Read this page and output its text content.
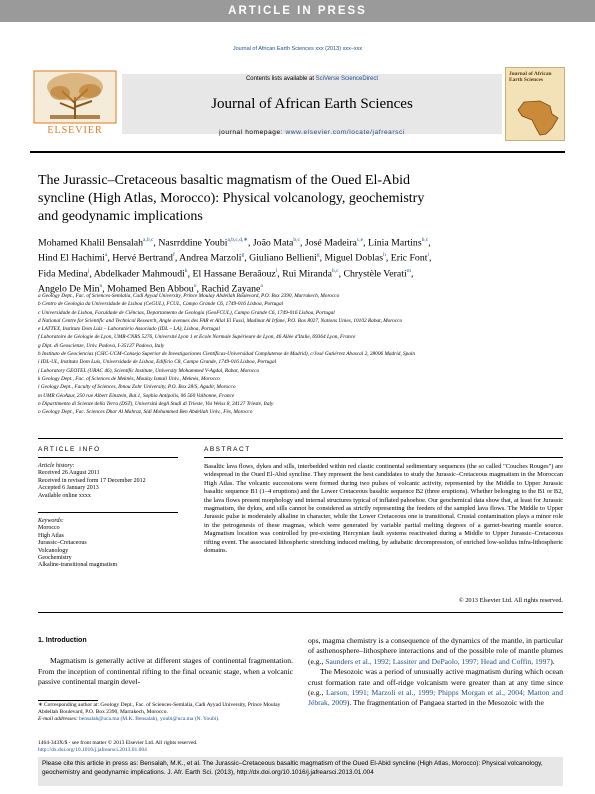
ARTICLE IN PRESS
Journal of African Earth Sciences xxx (2013) xxx–xxx
ELSEVIER
Contents lists available at SciVerse ScienceDirect
Journal of African Earth Sciences
journal homepage: www.elsevier.com/locate/jafrearsci
Journal of African Earth Sciences
The Jurassic–Cretaceous basaltic magmatism of the Oued El-Abid
syncline (High Atlas, Morocco): Physical volcanology, geochemistry
and geodynamic implications
Mohamed Khalil Bensalah$^{a,b,c}$, Nasrrddine Youbi$^{a,b,c,d,∗}$, João Mata$^{b,c}$, José Madeira$^{c,e}$, Línia Martins$^{b,c}$,
Hind El Hachimi$^a$, Hervé Bertrand$^f$, Andrea Marzoli$^g$, Giuliano Bellieni$^g$, Miguel Doblas$^h$, Eric Font$^i$,
Fida Medina$^j$, Abdelkader Mahmoudi$^k$, El Hassane Beraâouz$^l$, Rui Miranda$^{b,c}$, Chrystèle Verati$^m$,
Angelo De Min$^n$, Mohamed Ben Abbou$^o$, Rachid Zayane$^a$
a Geology Dept., Fac. of Sciences-Semlalia, Cadi Ayyad University, Prince Moulay Abdellah Boulevard, P.O. Box 2390, Marrakech, Morocco
b Centro de Geologia da Universidade de Lisboa (CeGUL), FCUL, Campo Grande C6, 1749-016 Lisboa, Portugal
c Universidade de Lisboa, Faculdade de Ciências, Departamento de Geologia (GeoFCUL), Campo Grande C6, 1749-016 Lisboa, Portugal
d National Centre for Scientific and Technical Research, Angle avenues des FAR et Allal El Fassi, Madinat Al Irfane, P.O. Box 8027, Nations Unies, 10102 Rabat, Morocco
e LATTEX, Instituto Dom Luiz – Laboratório Associado (IDL – LA), Lisboa, Portugal
f Laboratoire de Géologie de Lyon, UMR-CNRS 5276, Université Lyon 1 et Ecole Normale Supérieure de Lyon, 46 Allée d'Italie, 69364 Lyon, France
g Dipt. di Geoscienze, Univ. Padova, I-35137 Padova, Italy
h Instituto de Geociencias (CSIC-UCM-Consejo Superior de Investigaciones Científicas-Universidad Complutense de Madrid), c/José Gutiérrez Abascal 2, 28006 Madrid, Spain
i IDL-UL, Instituto Dom Luís, Universidade de Lisboa, Edifício C8, Campo Grande, 1749-016 Lisboa, Portugal
j Laboratory GEOTEL (URAC 46), Scientific Institute, University Mohammed V-Agdal, Rabat, Morocco
k Geology Dept., Fac. of Sciences de Meknès, Moulay Ismail Univ., Meknès, Morocco
l Geology Dept., Faculty of Sciences, Ibnou Zohr University, P.O. Box 28/S, Agadir, Morocco
m UMR GéoAzur, 250 rue Albert Einstein, Bat.1, Sophia Antipolis, 06 560 Valbonne, France
n Dipartimento di Scienze della Terra (DST), Università degli Studi di Trieste, Via Weiss 8, 34127 Trieste, Italy
o Geology Dept., Fac. Sciences Dhar Al Mahraz, Sidi Mohammed Ben Abdellah Univ., Fès, Morocco
ARTICLE INFO	ABSTRACT
Article history:
Received 26 August 2011
Received in revised form 17 December 2012
Accepted 6 January 2013
Available online xxxx
Keywords:
Morocco
High Atlas
Jurassic–Cretaceous
Volcanology
Geochemistry
Alkaline-transitional magmatism
Basaltic lava flows, dykes and sills, interbedded within red clastic continental sedimentary sequences (the so called "Couches Rouges") are widespread in the Oued El-Abid syncline. They represent the best candidates to study the Jurassic–Cretaceous magmatism in the Moroccan High Atlas. The volcanic successions were formed during two pulses of volcanic activity, represented by the Middle to Upper Jurassic basaltic sequence B1 (1–4 eruptions) and the Lower Cretaceous basaltic sequence B2 (three eruptions). Whether belonging to the B1 or B2, the lava flows present morphology and internal structures typical of inflated pahoehoe. Our geochemical data show that, at least for Jurassic magmatism, the dykes, and sills cannot be considered as strictly representing the feeders of the sampled lava flows. The Middle to Upper Jurassic pulse is moderately alkaline in character, while the Lower Cretaceous one is transitional. Crustal contamination plays a minor role in the petrogenesis of these magmas, which were generated by variable partial melting degrees of a garnet-bearing mantle source. Magmatism location was controlled by pre-existing Hercynian fault systems reactivated during a Middle to Upper Jurassic–Cretaceous rifting event. The associated lithospheric stretching induced melting, by adiabatic decompression, of enriched low-solidus infra-lithospheric domains.
© 2013 Elsevier Ltd. All rights reserved.
1. Introduction
Magmatism is generally active at different stages of continental fragmentation. From the inception of continental rifting to the final oceanic stage, when a volcanic passive continental margin devel-
ops, magma chemistry is a consequence of the dynamics of the mantle, in particular of asthenosphere–lithosphere interactions and of the possible role of mantle plumes (e.g., Saunders et al., 1992; Lassiter and DePaolo, 1997; Head and Coffin, 1997).
The Mesozoic was a period of unusually active magmatism during which ocean crust formation rate and off-ridge volcanism were greater than at any time since (e.g., Larson, 1991; Marzoli et al., 1999; Phipps Morgan et al., 2004; Matton and Jébrak, 2009). The fragmentation of Pangaea started in the Mesozoic with the
∗ Corresponding author at: Geology Dept., Fac. of Sciences-Semlalia, Cadi Ayyad University, Prince Moulay Abdellah Boulevard, P.O. Box 2390, Marrakech, Morocco.
E-mail addresses: bensalah@uca.ma (M.K. Bensalah), youbi@uca.ma (N. Youbi).
1464-343X/$ - see front matter © 2013 Elsevier Ltd. All rights reserved.
http://dx.doi.org/10.1016/j.jafrearsci.2013.01.004
Please cite this article in press as: Bensalah, M.K., et al. The Jurassic–Cretaceous basaltic magmatism of the Oued El-Abid syncline (High Atlas, Morocco): Physical volcanology, geochemistry and geodynamic implications. J. Afr. Earth Sci. (2013), http://dx.doi.org/10.1016/j.jafrearsci.2013.01.004
